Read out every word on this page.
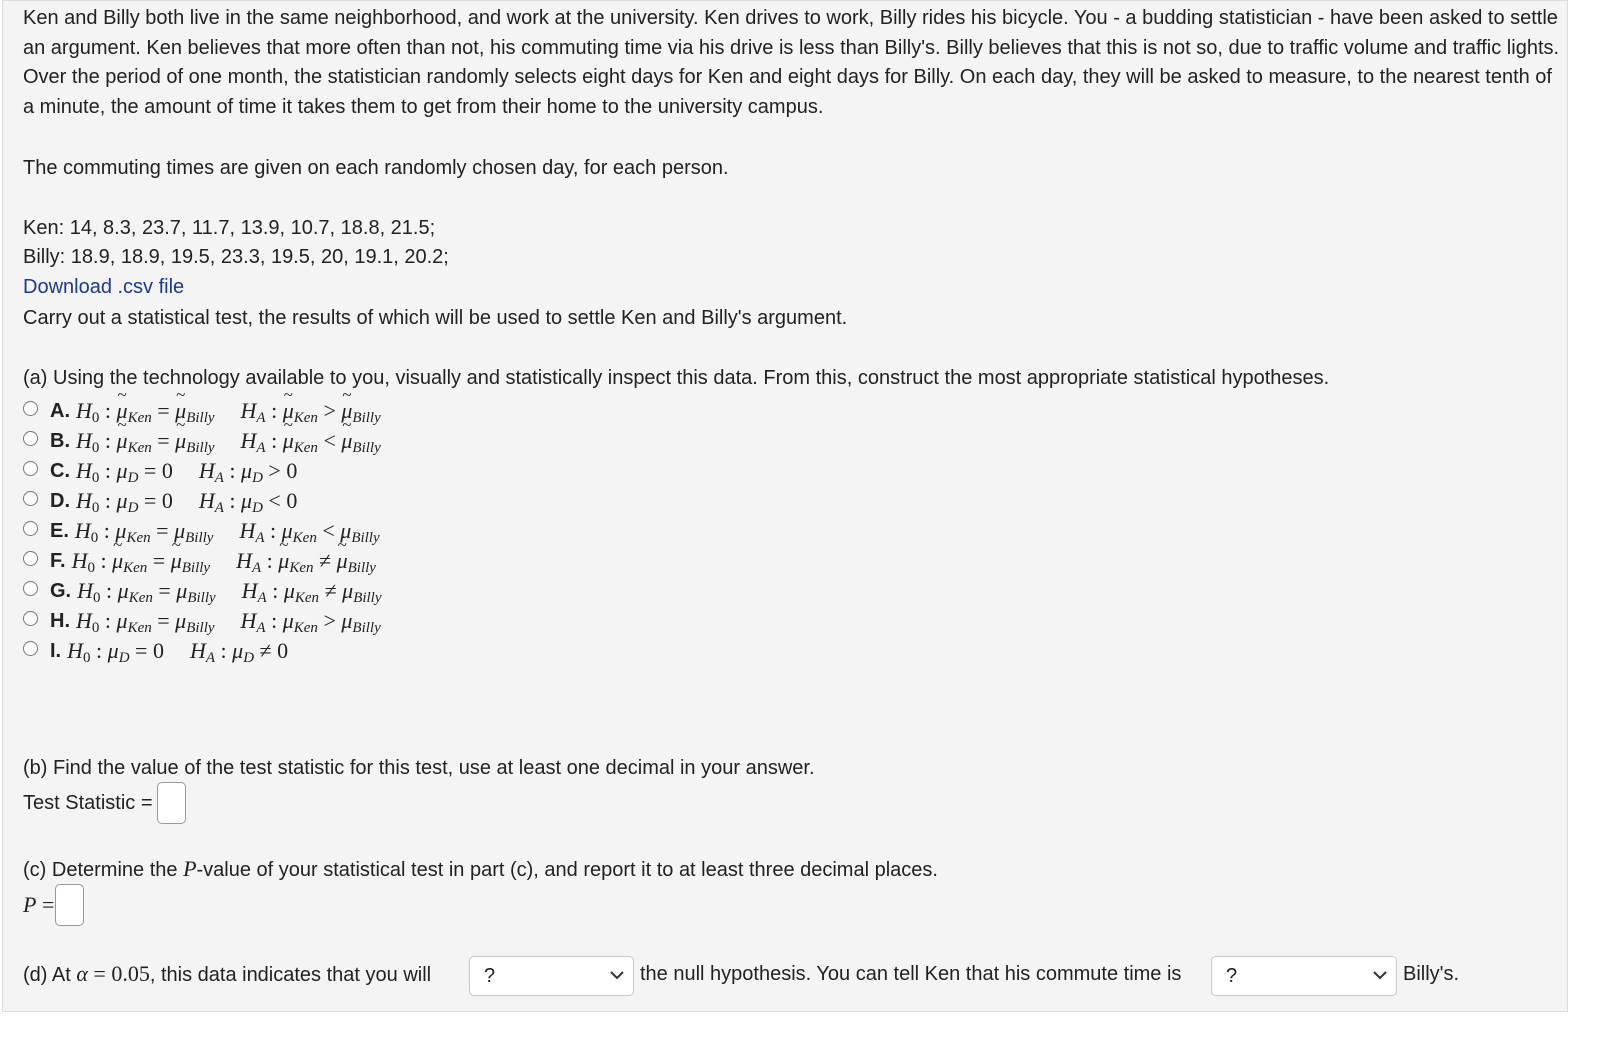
Ken and Billy both live in the same neighborhood, and work at the university. Ken drives to work, Billy rides his bicycle. You - a budding statistician - have been asked to settle an argument. Ken believes that more often than not, his commuting time via his drive is less than Billy's. Billy believes that this is not so, due to traffic volume and traffic lights. Over the period of one month, the statistician randomly selects eight days for Ken and eight days for Billy. On each day, they will be asked to measure, to the nearest tenth of a minute, the amount of time it takes them to get from their home to the university campus.

The commuting times are given on each randomly chosen day, for each person.

Ken: 14, 8.3, 23.7, 11.7, 13.9, 10.7, 18.8, 21.5;

Billy: 18.9, 18.9, 19.5, 23.3, 19.5, 20, 19.1, 20.2;

Download .csv file

Carry out a statistical test, the results of which will be used to settle Ken and Billy's argument.

(a) Using the technology available to you, visually and statistically inspect this data. From this, construct the most appropriate statistical hypotheses.

A. $H_0$ : ~ $\mu_{Ken}$ = ~ $\mu_{Billy}$ $H_A$ : ~ $\mu_{Ken}$ > ~ $\mu_{Billy}$
B. $H_0$ : ~ $\mu_{Ken}$ = ~ $\mu_{Billy}$ $H_A$ : ~ $\mu_{Ken}$ < ~ $\mu_{Billy}$
C. $H_0$ : $\mu_D = 0$ $H_A$ : $\mu_D > 0$
D. $H_0$ : $\mu_D = 0$ $H_A$ : $\mu_D < 0$
E. $H_0$ : $\mu_{Ken} = \mu_{Billy}$ $H_A$ : $\mu_{Ken} < \mu_{Billy}$
F. $H_0$ : ~ $\mu_{Ken}$ = ~ $\mu_{Billy}$ $H_A$ : ~ $\mu_{Ken}$ ≠ ~ $\mu_{Billy}$
G. $H_0$ : $\mu_{Ken} = \mu_{Billy}$ $H_A$ : $\mu_{Ken} \ne \mu_{Billy}$
H. $H_0$ : $\mu_{Ken} = \mu_{Billy}$ $H_A$ : $\mu_{Ken} > \mu_{Billy}$
I. $H_0$ : $\mu_D = 0$ $H_A$ : $\mu_D \ne 0$

(b) Find the value of the test statistic for this test, use at least one decimal in your answer.

Test Statistic =

(c) Determine the P-value of your statistical test in part (c), and report it to at least three decimal places.

P =
(d) At α = 0.05, this data indicates that you will	?	the null hypothesis. You can tell Ken that his commute time is	?	Billy's.
